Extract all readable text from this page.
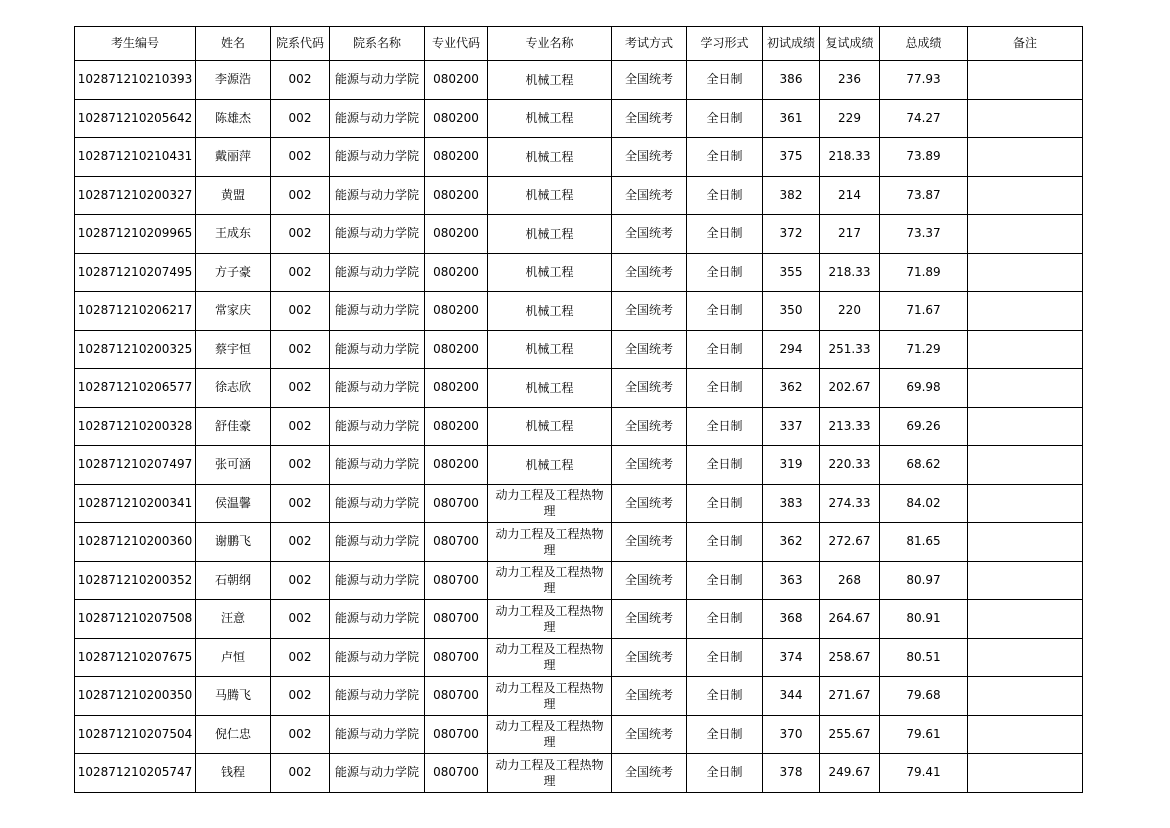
考生编号	姓名	院系代码	院系名称	专业代码	专业名称	考试方式	学习形式	初试成绩	复试成绩	总成绩	备注
102871210210393	李源浩	002	能源与动力学院	080200	机械工程	全国统考	全日制	386	236	77.93	
102871210205642	陈雄杰	002	能源与动力学院	080200	机械工程	全国统考	全日制	361	229	74.27	
102871210210431	戴丽萍	002	能源与动力学院	080200	机械工程	全国统考	全日制	375	218.33	73.89	
102871210200327	黄盟	002	能源与动力学院	080200	机械工程	全国统考	全日制	382	214	73.87	
102871210209965	王成东	002	能源与动力学院	080200	机械工程	全国统考	全日制	372	217	73.37	
102871210207495	方子豪	002	能源与动力学院	080200	机械工程	全国统考	全日制	355	218.33	71.89	
102871210206217	常家庆	002	能源与动力学院	080200	机械工程	全国统考	全日制	350	220	71.67	
102871210200325	蔡宇恒	002	能源与动力学院	080200	机械工程	全国统考	全日制	294	251.33	71.29	
102871210206577	徐志欣	002	能源与动力学院	080200	机械工程	全国统考	全日制	362	202.67	69.98	
102871210200328	舒佳豪	002	能源与动力学院	080200	机械工程	全国统考	全日制	337	213.33	69.26	
102871210207497	张可涵	002	能源与动力学院	080200	机械工程	全国统考	全日制	319	220.33	68.62	
102871210200341	侯温馨	002	能源与动力学院	080700	动力工程及工程热物理	全国统考	全日制	383	274.33	84.02	
102871210200360	谢鹏飞	002	能源与动力学院	080700	动力工程及工程热物理	全国统考	全日制	362	272.67	81.65	
102871210200352	石朝纲	002	能源与动力学院	080700	动力工程及工程热物理	全国统考	全日制	363	268	80.97	
102871210207508	汪意	002	能源与动力学院	080700	动力工程及工程热物理	全国统考	全日制	368	264.67	80.91	
102871210207675	卢恒	002	能源与动力学院	080700	动力工程及工程热物理	全国统考	全日制	374	258.67	80.51	
102871210200350	马腾飞	002	能源与动力学院	080700	动力工程及工程热物理	全国统考	全日制	344	271.67	79.68	
102871210207504	倪仁忠	002	能源与动力学院	080700	动力工程及工程热物理	全国统考	全日制	370	255.67	79.61	
102871210205747	钱程	002	能源与动力学院	080700	动力工程及工程热物理	全国统考	全日制	378	249.67	79.41	
